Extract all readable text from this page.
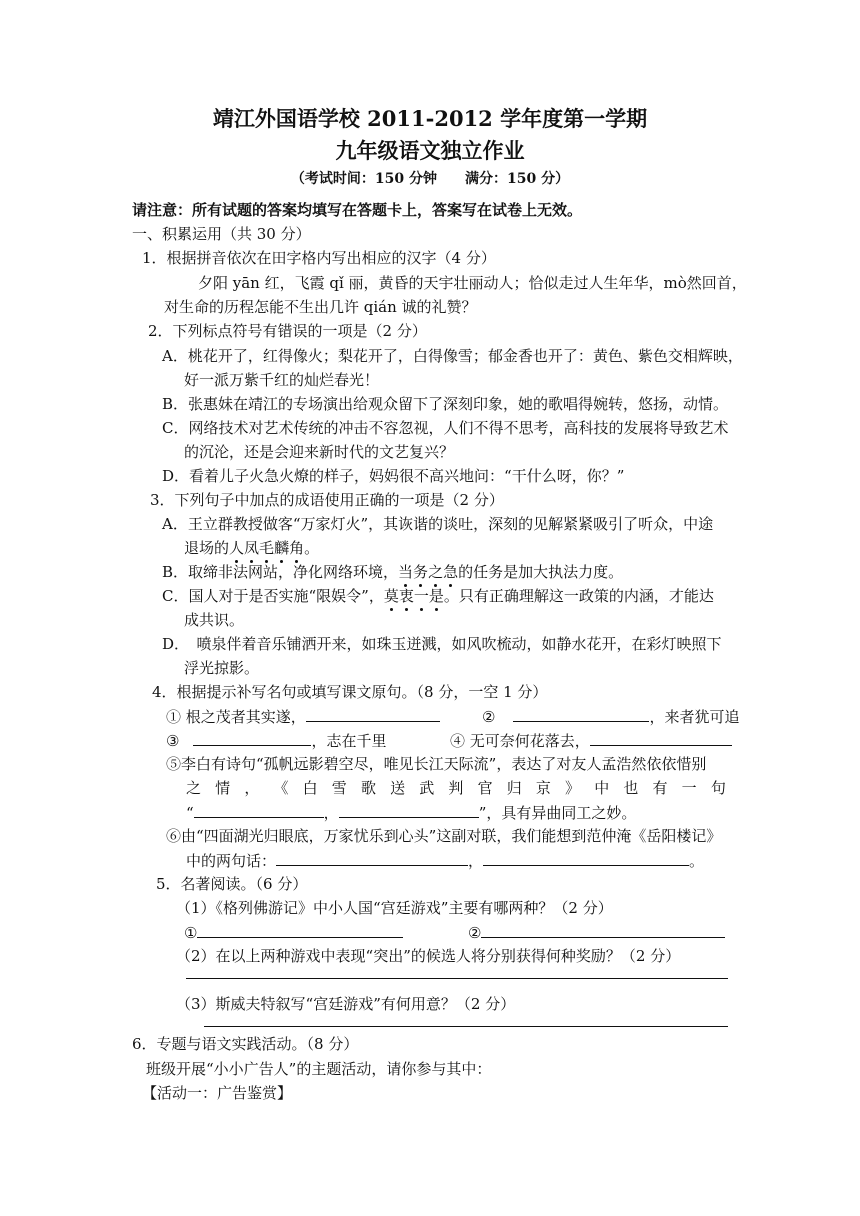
靖江外国语学校 2011-2012 学年度第一学期
九年级语文独立作业
（考试时间：150 分钟　　满分：150 分）
请注意：所有试题的答案均填写在答题卡上，答案写在试卷上无效。
一、积累运用（共 30 分）
1．根据拼音依次在田字格内写出相应的汉字（4 分）
夕阳 yān 红，飞霞 qǐ 丽，黄昏的天宇壮丽动人；恰似走过人生年华，mò然回首，
对生命的历程怎能不生出几许 qián 诚的礼赞？
2．下列标点符号有错误的一项是（2 分）
A．桃花开了，红得像火；梨花开了，白得像雪；郁金香也开了：黄色、紫色交相辉映，
好一派万紫千红的灿烂春光！
B．张惠妹在靖江的专场演出给观众留下了深刻印象，她的歌唱得婉转，悠扬，动情。
C．网络技术对艺术传统的冲击不容忽视，人们不得不思考，高科技的发展将导致艺术
的沉沦，还是会迎来新时代的文艺复兴？
D．看着儿子火急火燎的样子，妈妈很不高兴地问：“干什么呀，你？”
3．下列句子中加点的成语使用正确的一项是（2 分）
A．王立群教授做客“万家灯火”，其诙谐的谈吐，深刻的见解紧紧吸引了听众，中途
退场的人凤毛麟角。
B．取缔非法网站，净化网络环境，当务之急的任务是加大执法力度。
C．国人对于是否实施“限娱令”，莫衷一是。只有正确理解这一政策的内涵，才能达
成共识。
D．　喷泉伴着音乐铺洒开来，如珠玉迸溅，如风吹梳动，如静水花开，在彩灯映照下
浮光掠影。
4．根据提示补写名句或填写课文原句。（8 分，一空 1 分）
① 根之茂者其实遂，	②	，来者犹可追
③	，志在千里	④ 无可奈何花落去，
⑤李白有诗句“孤帆远影碧空尽，唯见长江天际流”，表达了对友人孟浩然依依惜别
之 情 ， 《 白 雪 歌 送 武 判 官 归 京 》 中 也 有 一 句
“	，	”，具有异曲同工之妙。
⑥由“四面湖光归眼底，万家忧乐到心头”这副对联，我们能想到范仲淹《岳阳楼记》
中的两句话：	，	。
5．名著阅读。（6 分）
（1）《格列佛游记》中小人国“宫廷游戏”主要有哪两种？（2 分）
①	②
（2）在以上两种游戏中表现“突出”的候选人将分别获得何种奖励？（2 分）
（3）斯威夫特叙写“宫廷游戏”有何用意？（2 分）
6．专题与语文实践活动。（8 分）
班级开展“小小广告人”的主题活动，请你参与其中：
【活动一：广告鉴赏】
